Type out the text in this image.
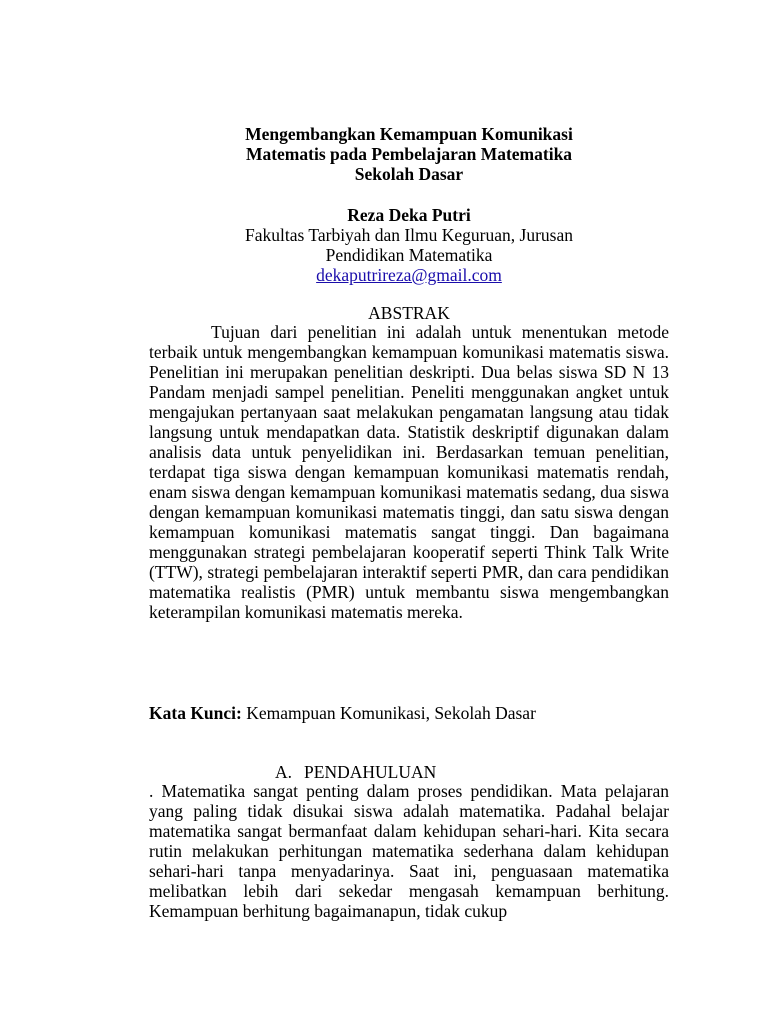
Mengembangkan Kemampuan Komunikasi
Matematis pada Pembelajaran Matematika
Sekolah Dasar
Reza Deka Putri
Fakultas Tarbiyah dan Ilmu Keguruan, Jurusan
Pendidikan Matematika
dekaputrireza@gmail.com
ABSTRAK

Tujuan dari penelitian ini adalah untuk menentukan metode terbaik untuk mengembangkan kemampuan komunikasi matematis siswa. Penelitian ini merupakan penelitian deskripti. Dua belas siswa SD N 13 Pandam menjadi sampel penelitian. Peneliti menggunakan angket untuk mengajukan pertanyaan saat melakukan pengamatan langsung atau tidak langsung untuk mendapatkan data. Statistik deskriptif digunakan dalam analisis data untuk penyelidikan ini. Berdasarkan temuan penelitian, terdapat tiga siswa dengan kemampuan komunikasi matematis rendah, enam siswa dengan kemampuan komunikasi matematis sedang, dua siswa dengan kemampuan komunikasi matematis tinggi, dan satu siswa dengan kemampuan komunikasi matematis sangat tinggi. Dan bagaimana menggunakan strategi pembelajaran kooperatif seperti Think Talk Write (TTW), strategi pembelajaran interaktif seperti PMR, dan cara pendidikan matematika realistis (PMR) untuk membantu siswa mengembangkan keterampilan komunikasi matematis mereka.

Kata Kunci: Kemampuan Komunikasi, Sekolah Dasar
A. PENDAHULUAN

. Matematika sangat penting dalam proses pendidikan. Mata pelajaran yang paling tidak disukai siswa adalah matematika. Padahal belajar matematika sangat bermanfaat dalam kehidupan sehari-hari. Kita secara rutin melakukan perhitungan matematika sederhana dalam kehidupan sehari-hari tanpa menyadarinya. Saat ini, penguasaan matematika melibatkan lebih dari sekedar mengasah kemampuan berhitung. Kemampuan berhitung bagaimanapun, tidak cukup
